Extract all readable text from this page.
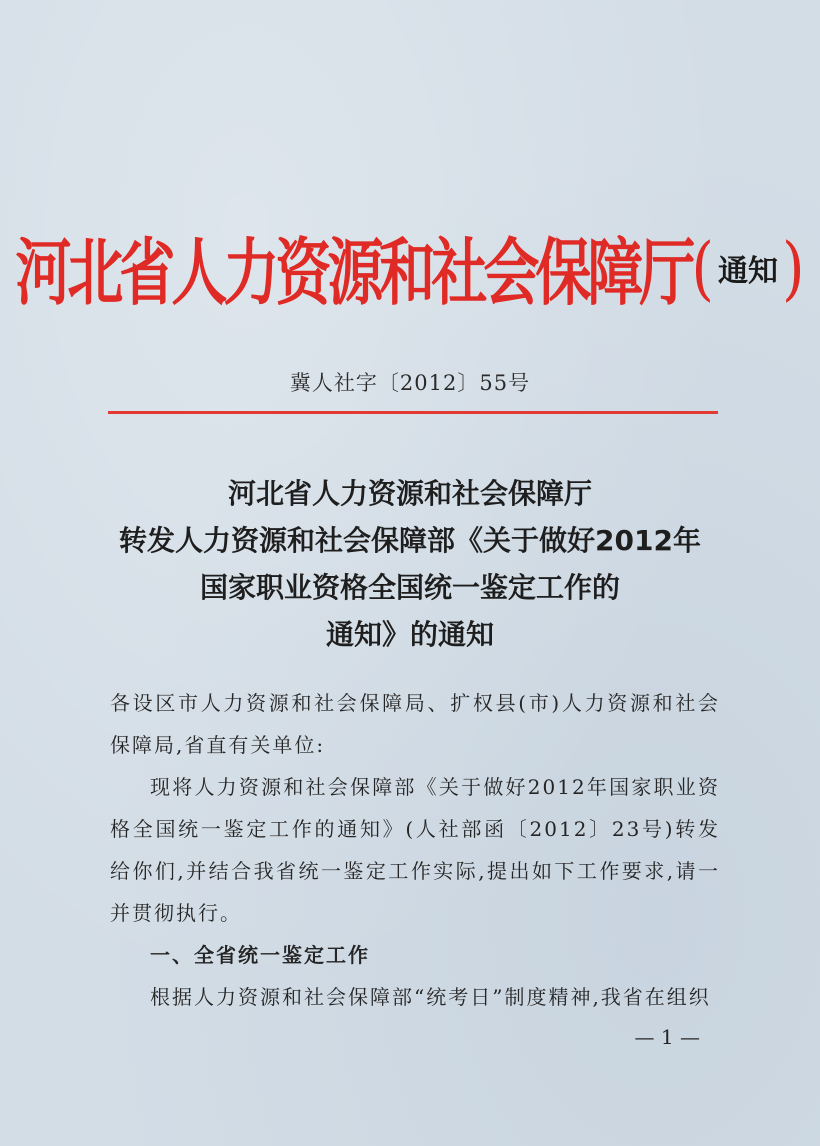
河北省人力资源和社会保障厅( 通知)
冀人社字〔2012〕55号
河北省人力资源和社会保障厅
转发人力资源和社会保障部《关于做好2012年
国家职业资格全国统一鉴定工作的
通知》的通知

各设区市人力资源和社会保障局、扩权县(市)人力资源和社会保障局,省直有关单位:

现将人力资源和社会保障部《关于做好2012年国家职业资格全国统一鉴定工作的通知》(人社部函〔2012〕23号)转发给你们,并结合我省统一鉴定工作实际,提出如下工作要求,请一并贯彻执行。

一、全省统一鉴定工作

根据人力资源和社会保障部“统考日”制度精神,我省在组织

— 1 —
